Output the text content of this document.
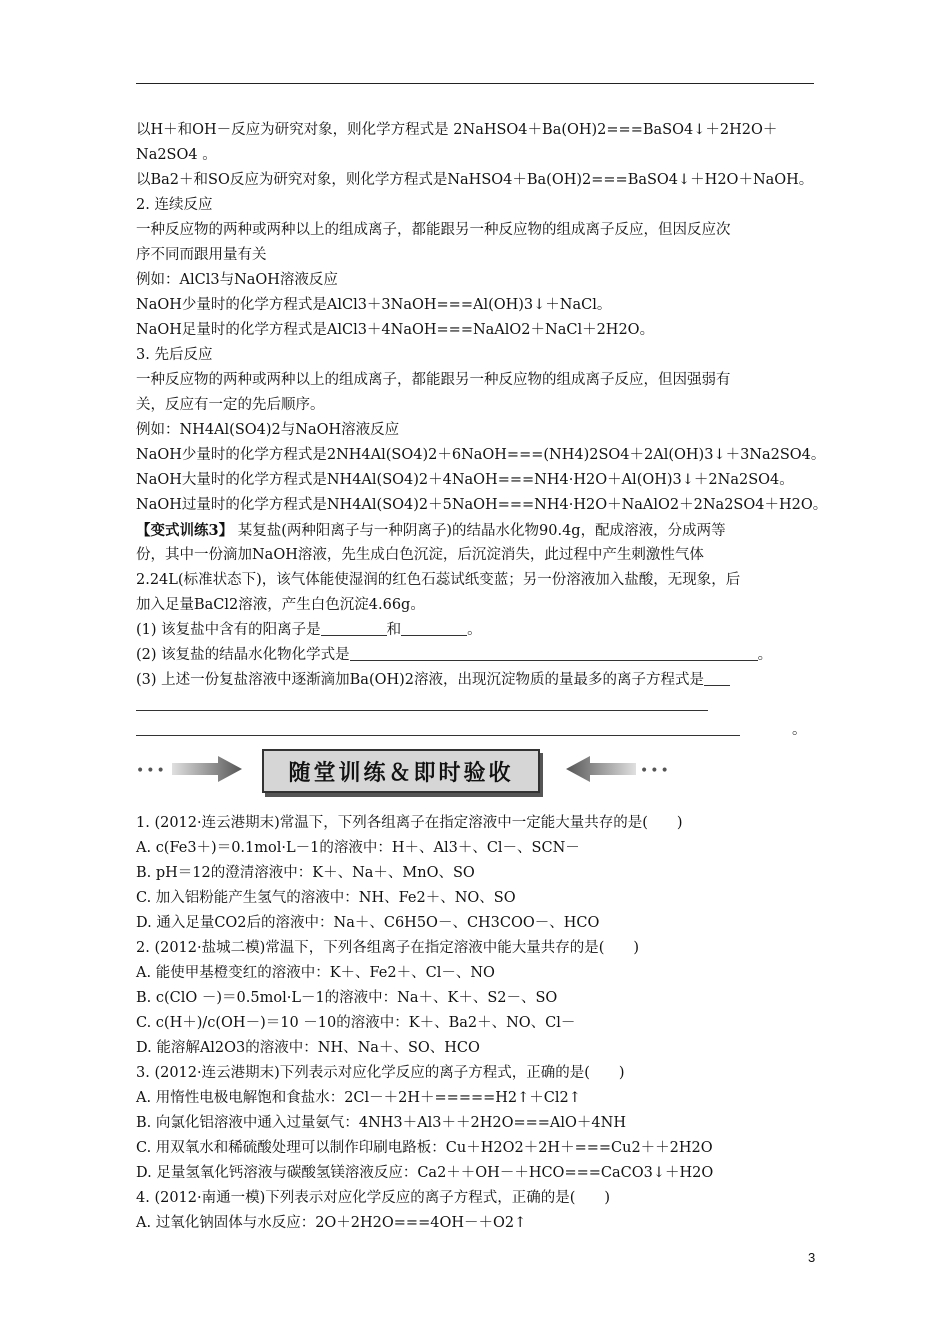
以H＋和OH－反应为研究对象，则化学方程式是 2NaHSO4＋Ba(OH)2===BaSO4↓＋2H2O＋
Na2SO4 。
以Ba2＋和SO反应为研究对象，则化学方程式是NaHSO4＋Ba(OH)2===BaSO4↓＋H2O＋NaOH。
2. 连续反应
一种反应物的两种或两种以上的组成离子，都能跟另一种反应物的组成离子反应，但因反应次
序不同而跟用量有关
例如：AlCl3与NaOH溶液反应
NaOH少量时的化学方程式是AlCl3＋3NaOH===Al(OH)3↓＋NaCl。
NaOH足量时的化学方程式是AlCl3＋4NaOH===NaAlO2＋NaCl＋2H2O。
3. 先后反应
一种反应物的两种或两种以上的组成离子，都能跟另一种反应物的组成离子反应，但因强弱有
关，反应有一定的先后顺序。
例如：NH4Al(SO4)2与NaOH溶液反应
NaOH少量时的化学方程式是2NH4Al(SO4)2＋6NaOH===(NH4)2SO4＋2Al(OH)3↓＋3Na2SO4。
NaOH大量时的化学方程式是NH4Al(SO4)2＋4NaOH===NH4·H2O＋Al(OH)3↓＋2Na2SO4。
NaOH过量时的化学方程式是NH4Al(SO4)2＋5NaOH===NH4·H2O＋NaAlO2＋2Na2SO4＋H2O。
【变式训练3】 某复盐(两种阳离子与一种阴离子)的结晶水化物90.4g，配成溶液，分成两等
份，其中一份滴加NaOH溶液，先生成白色沉淀，后沉淀消失，此过程中产生刺激性气体
2.24L(标准状态下)，该气体能使湿润的红色石蕊试纸变蓝；另一份溶液加入盐酸，无现象，后
加入足量BaCl2溶液，产生白色沉淀4.66g。
(1) 该复盐中含有的阳离子是	和	。
(2) 该复盐的结晶水化物化学式是	。
(3) 上述一份复盐溶液中逐渐滴加Ba(OH)2溶液，出现沉淀物质的量最多的离子方程式是
。
•••	随堂训练＆即时验收	•••
1. (2012·连云港期末)常温下，下列各组离子在指定溶液中一定能大量共存的是(　　)
A. c(Fe3＋)＝0.1mol·L－1的溶液中：H＋、Al3＋、Cl－、SCN－
B. pH＝12的澄清溶液中：K＋、Na＋、MnO、SO
C. 加入铝粉能产生氢气的溶液中：NH、Fe2＋、NO、SO
D. 通入足量CO2后的溶液中：Na＋、C6H5O－、CH3COO－、HCO
2. (2012·盐城二模)常温下，下列各组离子在指定溶液中能大量共存的是(　　)
A. 能使甲基橙变红的溶液中：K＋、Fe2＋、Cl－、NO
B. c(ClO －)＝0.5mol·L－1的溶液中：Na＋、K＋、S2－、SO
C. c(H＋)/c(OH－)＝10 －10的溶液中：K＋、Ba2＋、NO、Cl－
D. 能溶解Al2O3的溶液中：NH、Na＋、SO、HCO
3. (2012·连云港期末)下列表示对应化学反应的离子方程式，正确的是(　　)
A. 用惰性电极电解饱和食盐水：2Cl－＋2H＋=====H2↑＋Cl2↑
B. 向氯化铝溶液中通入过量氨气：4NH3＋Al3＋＋2H2O===AlO＋4NH
C. 用双氧水和稀硫酸处理可以制作印刷电路板：Cu＋H2O2＋2H＋===Cu2＋＋2H2O
D. 足量氢氧化钙溶液与碳酸氢镁溶液反应：Ca2＋＋OH－＋HCO===CaCO3↓＋H2O
4. (2012·南通一模)下列表示对应化学反应的离子方程式，正确的是(　　)
A. 过氧化钠固体与水反应：2O＋2H2O===4OH－＋O2↑
3
